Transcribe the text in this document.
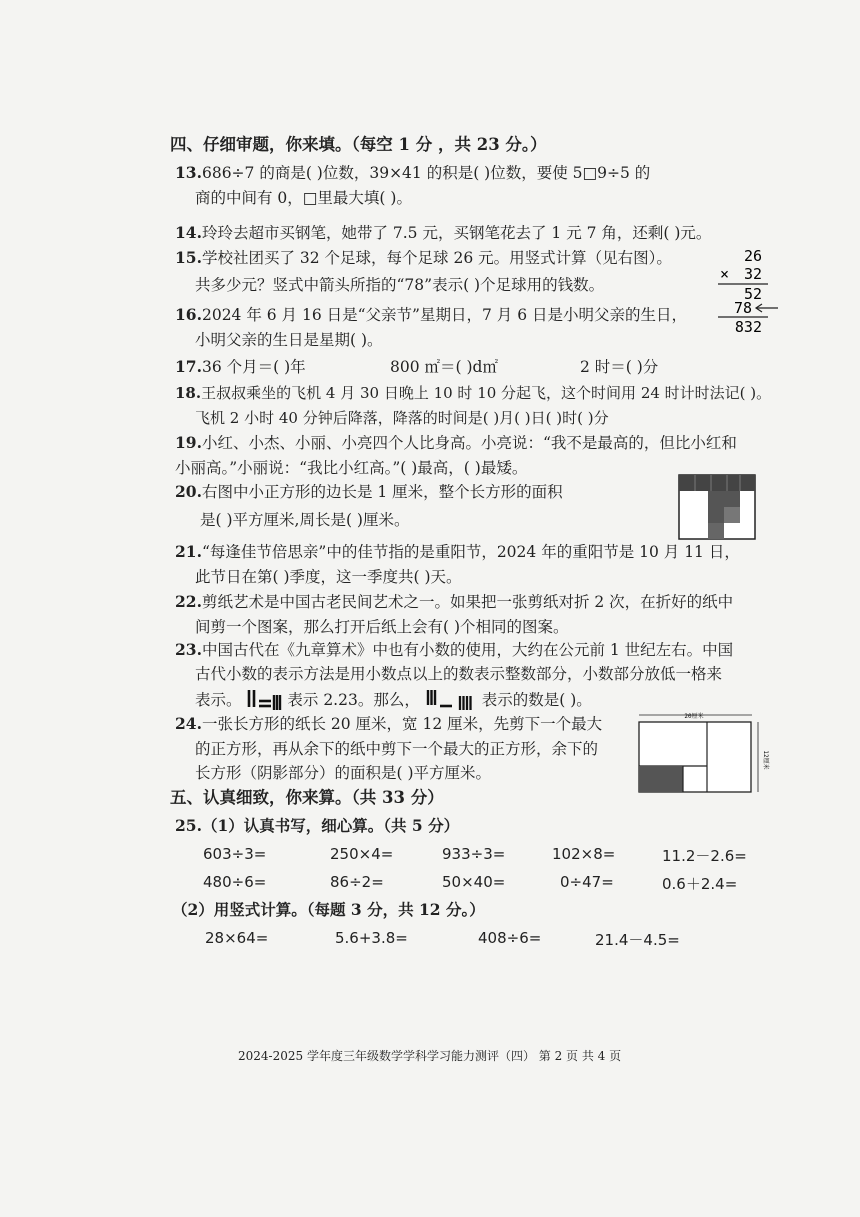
四、仔细审题，你来填。（每空 1 分 ，共 23 分。）
13.686÷7 的商是( )位数，39×41 的积是( )位数，要使 5□9÷5 的
商的中间有 0，□里最大填( )。
14.玲玲去超市买钢笔，她带了 7.5 元，买钢笔花去了 1 元 7 角，还剩( )元。
15.学校社团买了 32 个足球，每个足球 26 元。用竖式计算（见右图）。
共多少元？竖式中箭头所指的“78”表示( )个足球用的钱数。
26
× 32
52
78
832
16.2024 年 6 月 16 日是“父亲节”星期日，7 月 6 日是小明父亲的生日，
小明父亲的生日是星期( )。
17.36 个月＝( )年	800 ㎡＝( )d㎡	2 时＝( )分
18.王叔叔乘坐的飞机 4 月 30 日晚上 10 时 10 分起飞，这个时间用 24 时计时法记( )。
飞机 2 小时 40 分钟后降落，降落的时间是( )月( )日( )时( )分
19.小红、小杰、小丽、小亮四个人比身高。小亮说：“我不是最高的，但比小红和
小丽高。”小丽说：“我比小红高。”( )最高，( )最矮。
20.右图中小正方形的边长是 1 厘米，整个长方形的面积
是( )平方厘米,周长是( )厘米。
21.“每逢佳节倍思亲”中的佳节指的是重阳节，2024 年的重阳节是 10 月 11 日，
此节日在第( )季度，这一季度共( )天。
22.剪纸艺术是中国古老民间艺术之一。如果把一张剪纸对折 2 次，在折好的纸中
间剪一个图案，那么打开后纸上会有( )个相同的图案。
23.中国古代在《九章算术》中也有小数的使用，大约在公元前 1 世纪左右。中国
古代小数的表示方法是用小数点以上的数表示整数部分，小数部分放低一格来
表示。	表示 2.23。那么，	表示的数是( )。
24.一张长方形的纸长 20 厘米，宽 12 厘米，先剪下一个最大
的正方形，再从余下的纸中剪下一个最大的正方形，余下的
长方形（阴影部分）的面积是( )平方厘米。
20厘米
12厘米
五、认真细致，你来算。（共 33 分）
25.（1）认真书写，细心算。（共 5 分）
603÷3=	250×4=	933÷3=	102×8=	11.2－2.6=
480÷6=	86÷2=	50×40=	0÷47=	0.6＋2.4=
（2）用竖式计算。（每题 3 分，共 12 分。）
28×64=	5.6+3.8=	408÷6=	21.4－4.5=
2024-2025 学年度三年级数学学科学习能力测评（四） 第 2 页 共 4 页
